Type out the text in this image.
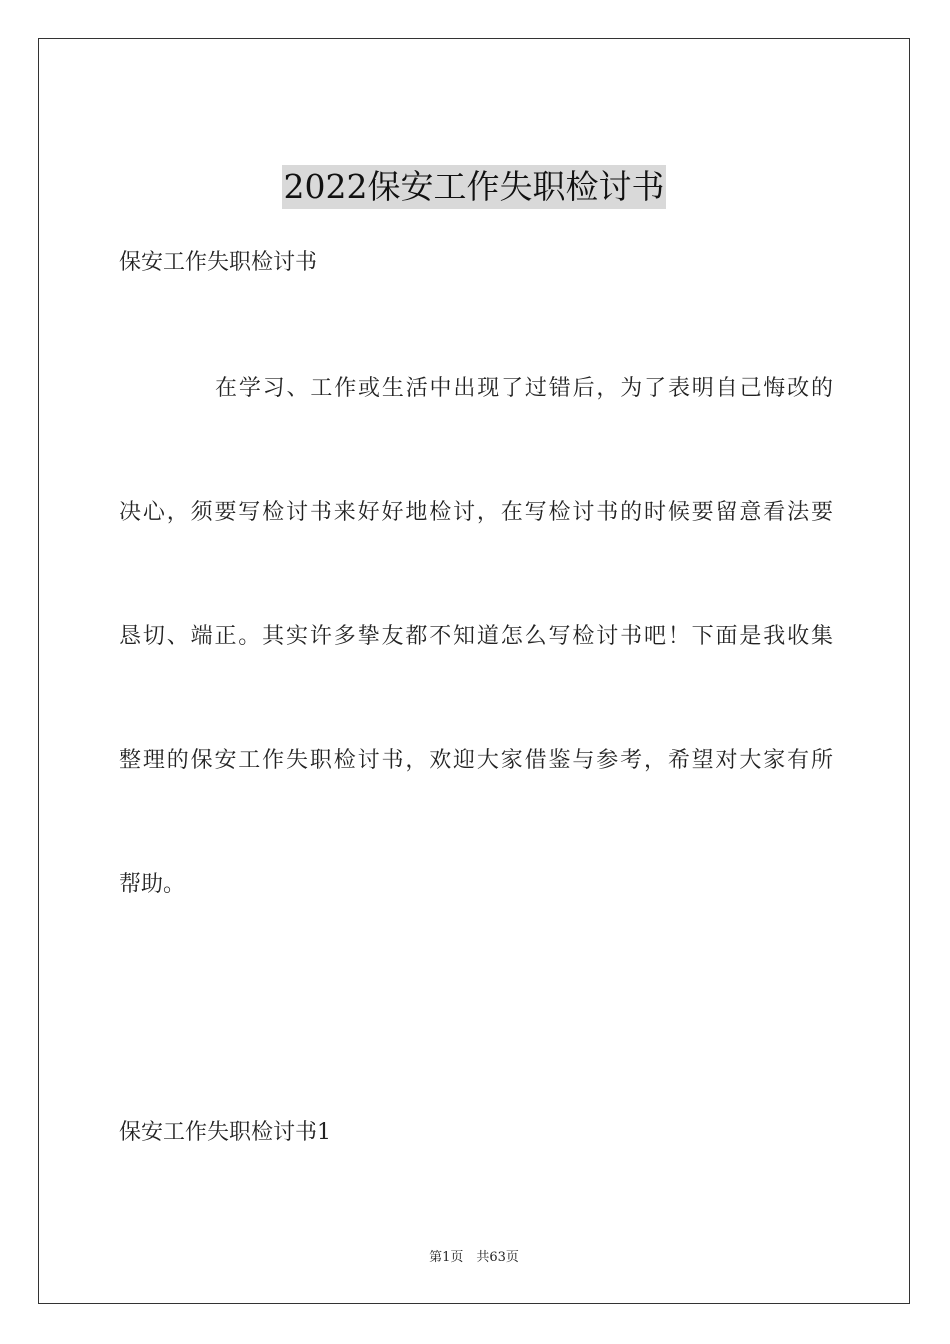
2022保安工作失职检讨书
保安工作失职检讨书
在学习、工作或生活中出现了过错后，为了表明自己悔改的
决心，须要写检讨书来好好地检讨，在写检讨书的时候要留意看法要
恳切、端正。其实许多挚友都不知道怎么写检讨书吧！下面是我收集
整理的保安工作失职检讨书，欢迎大家借鉴与参考，希望对大家有所
帮助。
保安工作失职检讨书1
第1页　共63页
